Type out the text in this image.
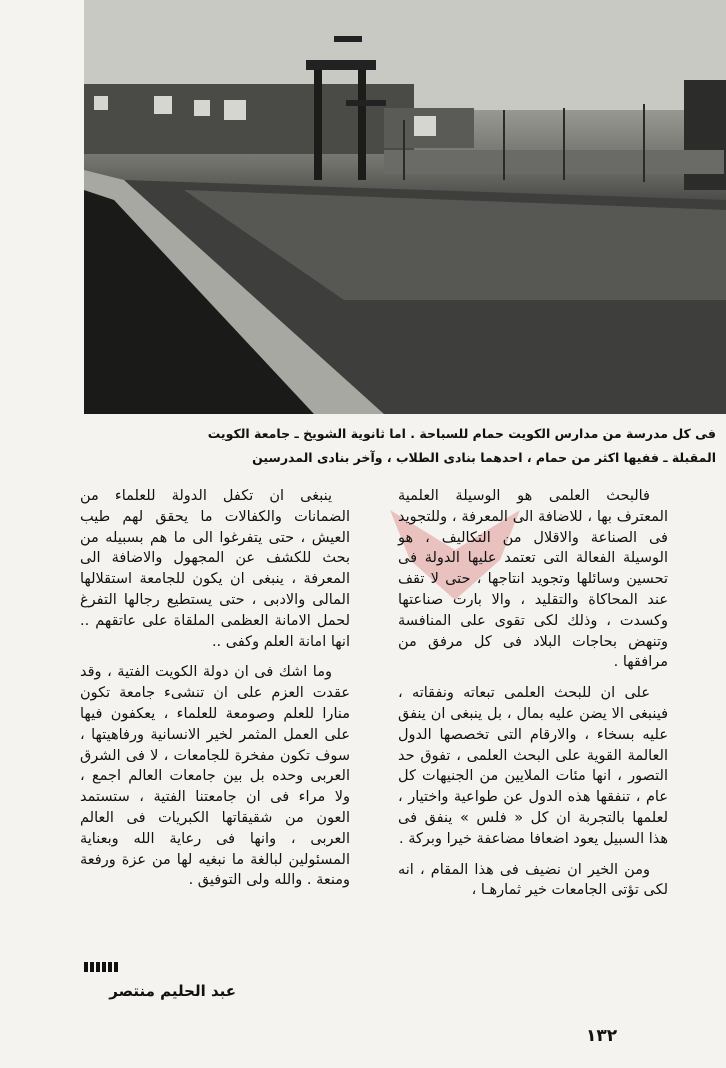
فى كل مدرسة من مدارس الكويت حمام للسباحة . اما ثانوية الشويخ ـ جامعة الكويت
المقبلة ـ ففيها اكثر من حمام ، احدهما بنادى الطلاب ، وآخر بنادى المدرسين

فالبحث العلمى هو الوسيلة العلمية المعترف بها ، للاضافة الى المعرفة ، وللتجويد فى الصناعة والاقلال من التكاليف ، هو الوسيلة الفعالة التى تعتمد عليها الدولة فى تحسين وسائلها وتجويد انتاجها ، حتى لا تقف عند المحاكاة والتقليد ، والا بارت صناعتها وكسدت ، وذلك لكى تقوى على المنافسة وتنهض بحاجات البلاد فى كل مرفق من مرافقها .

على ان للبحث العلمى تبعاته ونفقاته ، فينبغى الا يضن عليه بمال ، بل ينبغى ان ينفق عليه بسخاء ، والارقام التى تخصصها الدول العالمة القوية على البحث العلمى ، تفوق حد التصور ، انها مئات الملايين من الجنيهات كل عام ، تنفقها هذه الدول عن طواعية واختيار ، لعلمها بالتجربة ان كل « فلس » ينفق فى هذا السبيل يعود اضعافا مضاعفة خيرا وبركة .

ومن الخير ان نضيف فى هذا المقام ، انه لكى تؤتى الجامعات خير ثمارهـا ،

ينبغى ان تكفل الدولة للعلماء من الضمانات والكفالات ما يحقق لهم طيب العيش ، حتى يتفرغوا الى ما هم بسبيله من بحث للكشف عن المجهول والاضافة الى المعرفة ، ينبغى ان يكون للجامعة استقلالها المالى والادبى ، حتى يستطيع رجالها التفرغ لحمل الامانة العظمى الملقاة على عاتقهم .. انها امانة العلم وكفى ..

وما اشك فى ان دولة الكويت الفتية ، وقد عقدت العزم على ان تنشىء جامعة تكون منارا للعلم وصومعة للعلماء ، يعكفون فيها على العمل المثمر لخير الانسانية ورفاهيتها ، سوف تكون مفخرة للجامعات ، لا فى الشرق العربى وحده بل بين جامعات العالم اجمع ، ولا مراء فى ان جامعتنا الفتية ، ستستمد العون من شقيقاتها الكبريات فى العالم العربى ، وانها فى رعاية الله وبعناية المسئولين لبالغة ما نبغيه لها من عزة ورفعة ومنعة . والله ولى التوفيق .

عبد الحليم منتصر
١٣٢
